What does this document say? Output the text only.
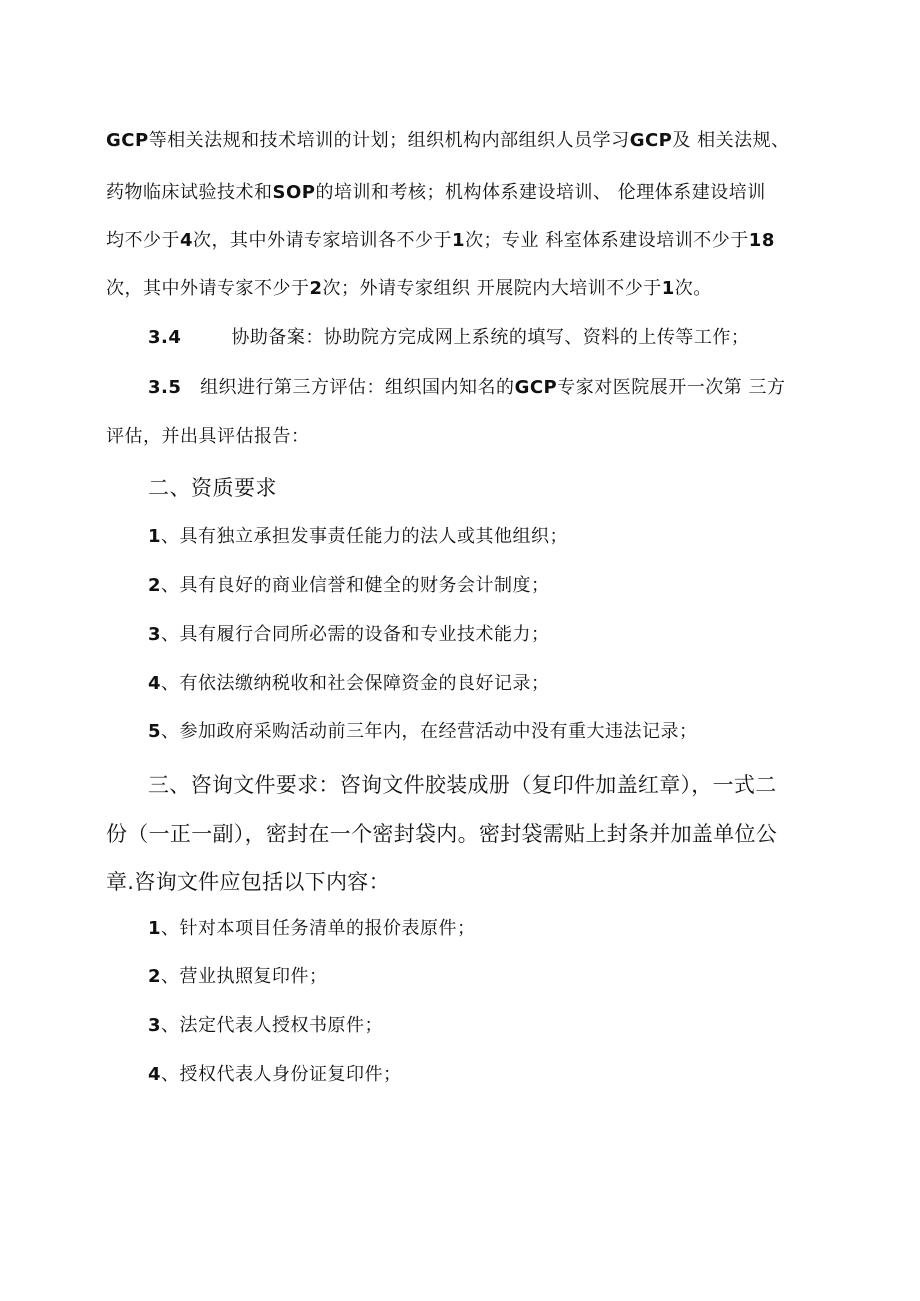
GCP等相关法规和技术培训的计划；组织机构内部组织人员学习GCP及 相关法规、
药物临床试验技术和SOP的培训和考核；机构体系建设培训、 伦理体系建设培训
均不少于4次，其中外请专家培训各不少于1次；专业 科室体系建设培训不少于18
次，其中外请专家不少于2次；外请专家组织 开展院内大培训不少于1次。
3.4	协助备案：协助院方完成网上系统的填写、资料的上传等工作；
3.5 组织进行第三方评估：组织国内知名的GCP专家对医院展开一次第 三方
评估，并出具评估报告：
二、资质要求
1、具有独立承担发事责任能力的法人或其他组织；
2、具有良好的商业信誉和健全的财务会计制度；
3、具有履行合同所必需的设备和专业技术能力；
4、有依法缴纳税收和社会保障资金的良好记录；
5、参加政府采购活动前三年内，在经营活动中没有重大违法记录；
三、咨询文件要求：咨询文件胶装成册（复印件加盖红章），一式二
份（一正一副），密封在一个密封袋内。密封袋需贴上封条并加盖单位公
章.咨询文件应包括以下内容：
1、针对本项目任务清单的报价表原件；
2、营业执照复印件；
3、法定代表人授权书原件；
4、授权代表人身份证复印件；
